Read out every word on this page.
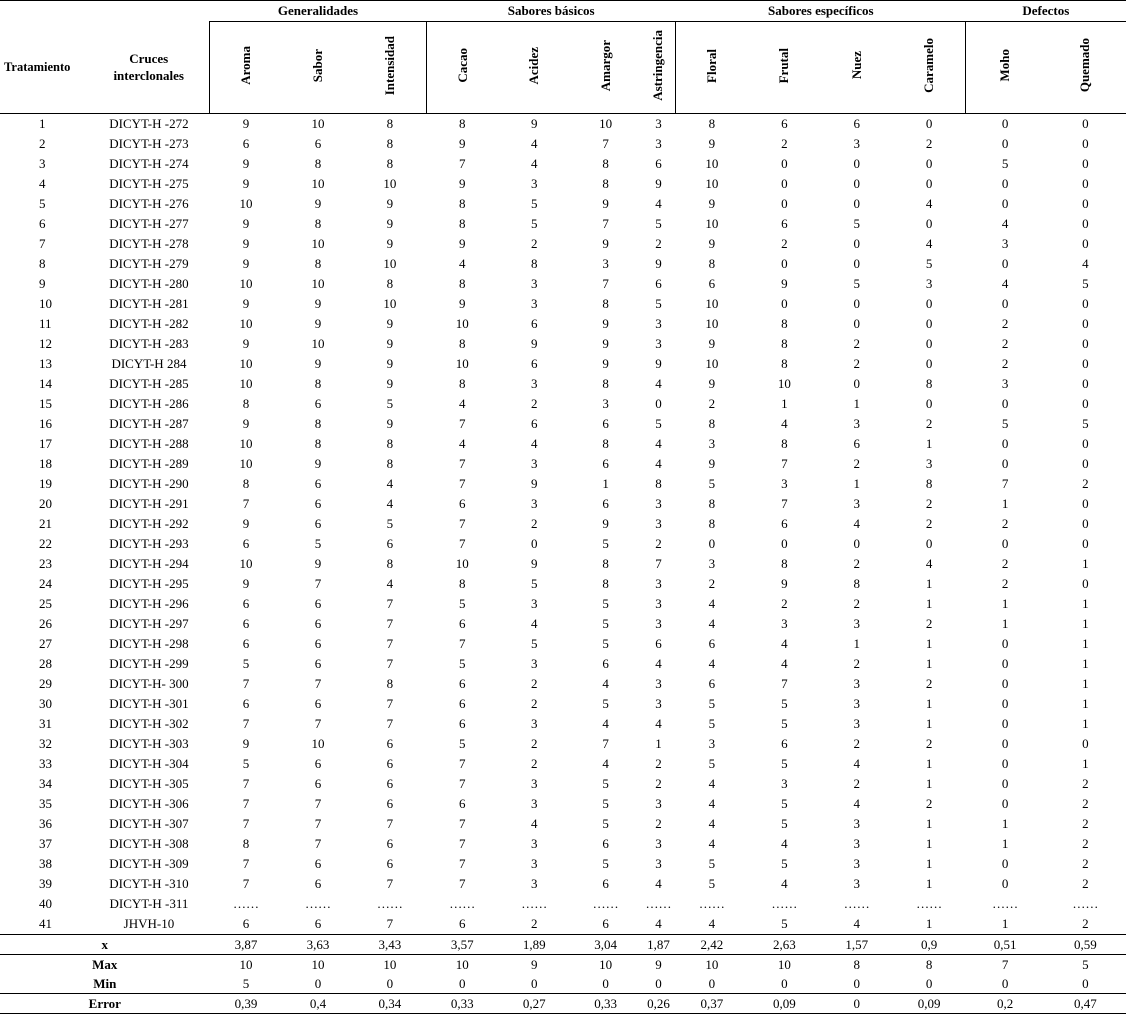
		Generalidades			Sabores básicos				Sabores específicos				Defectos	
Tratamiento	Cruces
interclonales	Aroma	Sabor	Intensidad	Cacao	Acidez	Amargor	Astringencia	Floral	Frutal	Nuez	Caramelo	Moho	Quemado
1	DICYT-H -272	9	10	8	8	9	10	3	8	6	6	0	0	0
2	DICYT-H -273	6	6	8	9	4	7	3	9	2	3	2	0	0
3	DICYT-H -274	9	8	8	7	4	8	6	10	0	0	0	5	0
4	DICYT-H -275	9	10	10	9	3	8	9	10	0	0	0	0	0
5	DICYT-H -276	10	9	9	8	5	9	4	9	0	0	4	0	0
6	DICYT-H -277	9	8	9	8	5	7	5	10	6	5	0	4	0
7	DICYT-H -278	9	10	9	9	2	9	2	9	2	0	4	3	0
8	DICYT-H -279	9	8	10	4	8	3	9	8	0	0	5	0	4
9	DICYT-H -280	10	10	8	8	3	7	6	6	9	5	3	4	5
10	DICYT-H -281	9	9	10	9	3	8	5	10	0	0	0	0	0
11	DICYT-H -282	10	9	9	10	6	9	3	10	8	0	0	2	0
12	DICYT-H -283	9	10	9	8	9	9	3	9	8	2	0	2	0
13	DICYT-H 284	10	9	9	10	6	9	9	10	8	2	0	2	0
14	DICYT-H -285	10	8	9	8	3	8	4	9	10	0	8	3	0
15	DICYT-H -286	8	6	5	4	2	3	0	2	1	1	0	0	0
16	DICYT-H -287	9	8	9	7	6	6	5	8	4	3	2	5	5
17	DICYT-H -288	10	8	8	4	4	8	4	3	8	6	1	0	0
18	DICYT-H -289	10	9	8	7	3	6	4	9	7	2	3	0	0
19	DICYT-H -290	8	6	4	7	9	1	8	5	3	1	8	7	2
20	DICYT-H -291	7	6	4	6	3	6	3	8	7	3	2	1	0
21	DICYT-H -292	9	6	5	7	2	9	3	8	6	4	2	2	0
22	DICYT-H -293	6	5	6	7	0	5	2	0	0	0	0	0	0
23	DICYT-H -294	10	9	8	10	9	8	7	3	8	2	4	2	1
24	DICYT-H -295	9	7	4	8	5	8	3	2	9	8	1	2	0
25	DICYT-H -296	6	6	7	5	3	5	3	4	2	2	1	1	1
26	DICYT-H -297	6	6	7	6	4	5	3	4	3	3	2	1	1
27	DICYT-H -298	6	6	7	7	5	5	6	6	4	1	1	0	1
28	DICYT-H -299	5	6	7	5	3	6	4	4	4	2	1	0	1
29	DICYT-H- 300	7	7	8	6	2	4	3	6	7	3	2	0	1
30	DICYT-H -301	6	6	7	6	2	5	3	5	5	3	1	0	1
31	DICYT-H -302	7	7	7	6	3	4	4	5	5	3	1	0	1
32	DICYT-H -303	9	10	6	5	2	7	1	3	6	2	2	0	0
33	DICYT-H -304	5	6	6	7	2	4	2	5	5	4	1	0	1
34	DICYT-H -305	7	6	6	7	3	5	2	4	3	2	1	0	2
35	DICYT-H -306	7	7	6	6	3	5	3	4	5	4	2	0	2
36	DICYT-H -307	7	7	7	7	4	5	2	4	5	3	1	1	2
37	DICYT-H -308	8	7	6	7	3	6	3	4	4	3	1	1	2
38	DICYT-H -309	7	6	6	7	3	5	3	5	5	3	1	0	2
39	DICYT-H -310	7	6	7	7	3	6	4	5	4	3	1	0	2
40	DICYT-H -311	……	……	……	……	……	……	……	……	……	……	……	……	……
41	JHVH-10	6	6	7	6	2	6	4	4	5	4	1	1	2
x		3,87	3,63	3,43	3,57	1,89	3,04	1,87	2,42	2,63	1,57	0,9	0,51	0,59
Max		10	10	10	10	9	10	9	10	10	8	8	7	5
Min		5	0	0	0	0	0	0	0	0	0	0	0	0
Error		0,39	0,4	0,34	0,33	0,27	0,33	0,26	0,37	0,09	0	0,09	0,2	0,47
